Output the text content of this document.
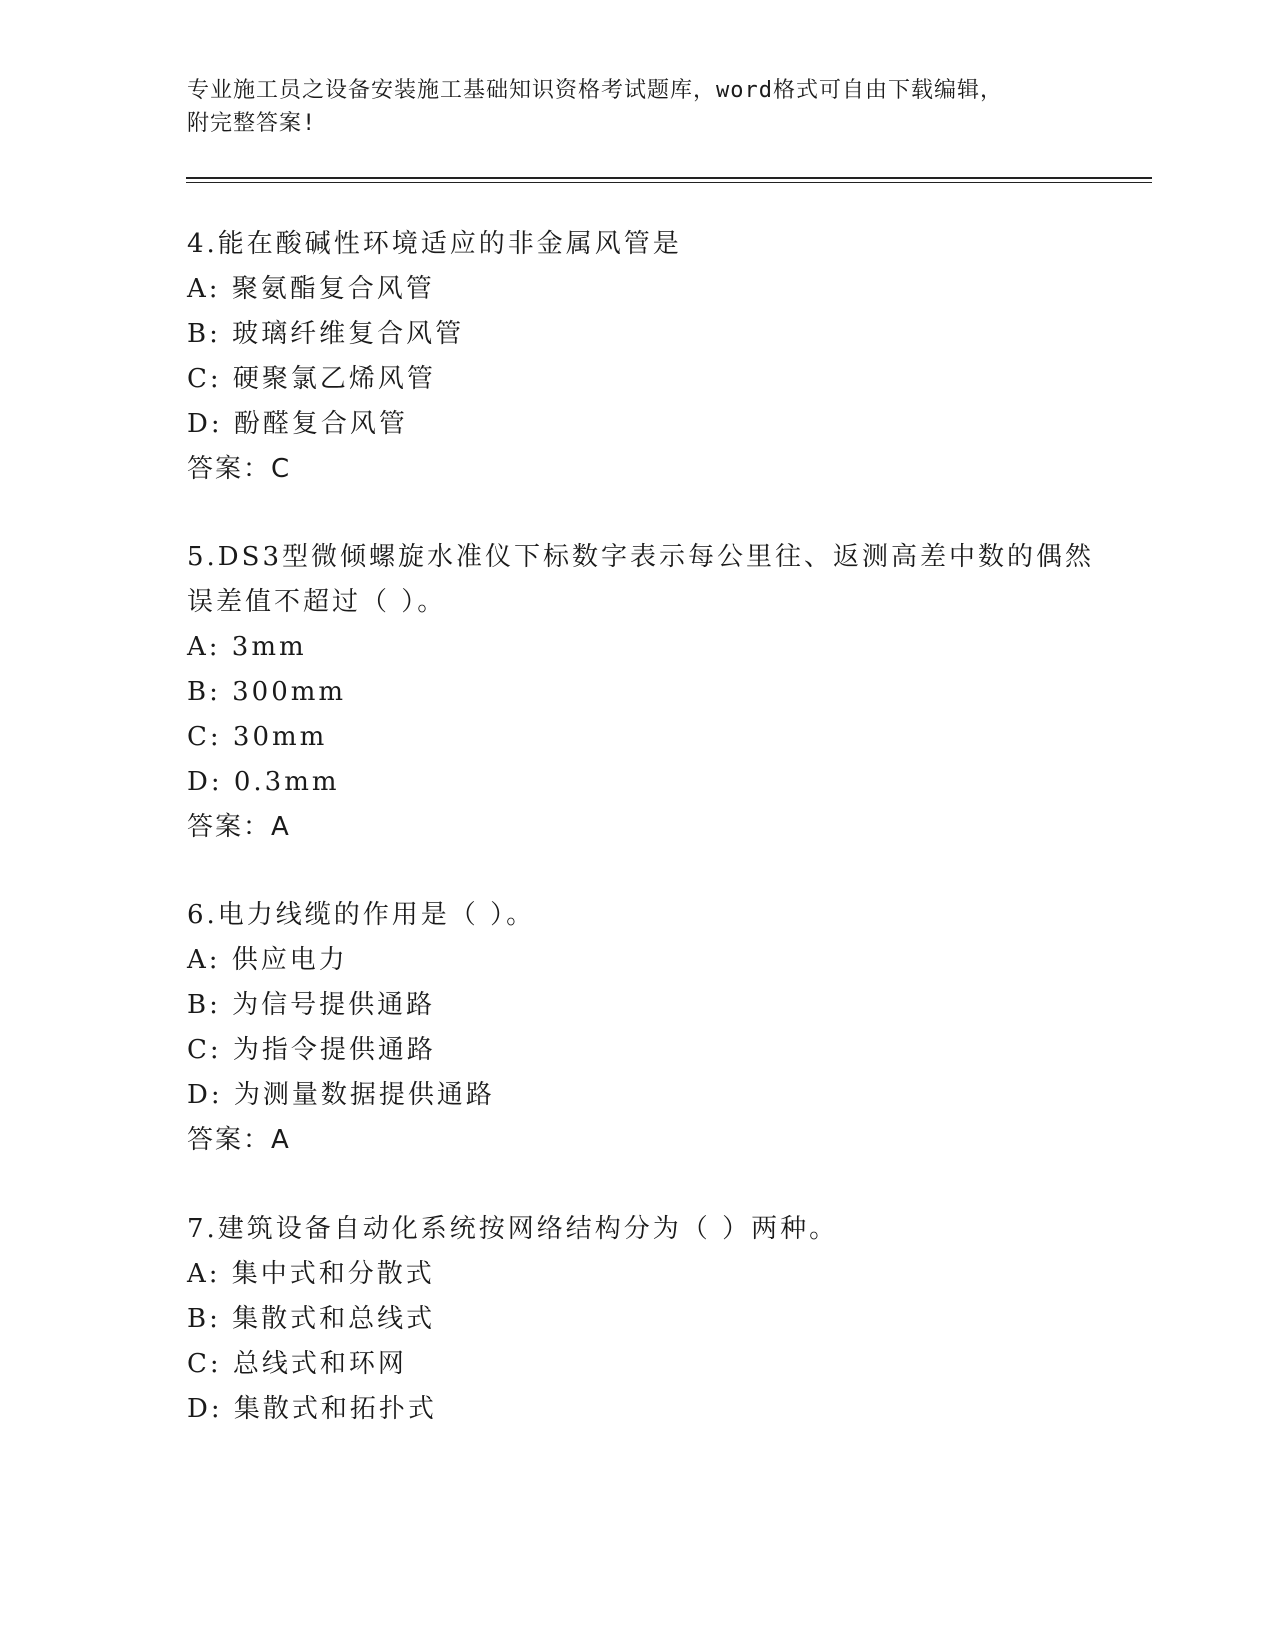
专业施工员之设备安装施工基础知识资格考试题库，word格式可自由下载编辑，
附完整答案!
4.能在酸碱性环境适应的非金属风管是
A: 聚氨酯复合风管
B: 玻璃纤维复合风管
C: 硬聚氯乙烯风管
D: 酚醛复合风管
答案：C
5.DS3型微倾螺旋水准仪下标数字表示每公里往、返测高差中数的偶然
误差值不超过（ ）。
A: 3mm
B: 300mm
C: 30mm
D: 0.3mm
答案：A
6.电力线缆的作用是（ ）。
A: 供应电力
B: 为信号提供通路
C: 为指令提供通路
D: 为测量数据提供通路
答案：A
7.建筑设备自动化系统按网络结构分为（ ）两种。
A: 集中式和分散式
B: 集散式和总线式
C: 总线式和环网
D: 集散式和拓扑式
